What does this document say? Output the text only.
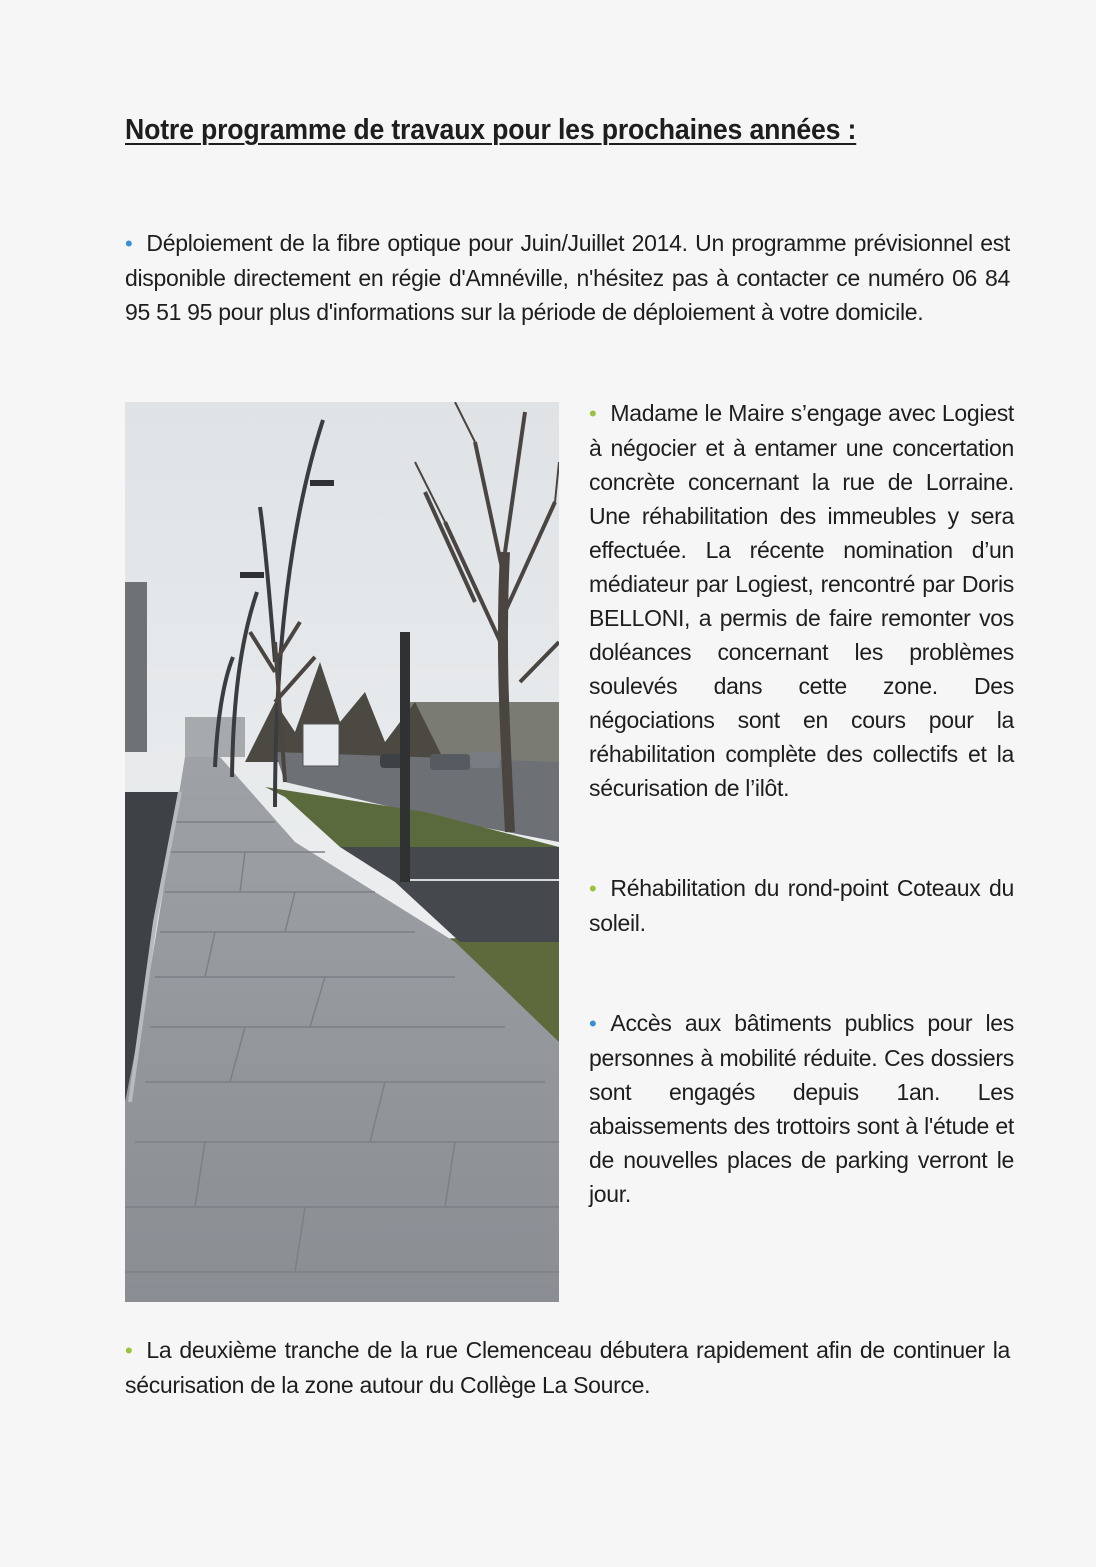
Notre programme de travaux pour les prochaines années :
• Déploiement de la fibre optique pour Juin/Juillet 2014. Un programme prévisionnel est disponible directement en régie d'Amnéville, n'hésitez pas à contacter ce numéro 06 84 95 51 95 pour plus d'informations sur la période de déploiement à votre domicile.
• Madame le Maire s’engage avec Logiest à négocier et à entamer une concertation concrète concernant la rue de Lorraine. Une réhabilitation des immeubles y sera effectuée. La récente nomination d’un médiateur par Logiest, rencontré par Doris BELLONI, a permis de faire remonter vos doléances concernant les problèmes soulevés dans cette zone. Des négociations sont en cours pour la réhabilitation complète des collectifs et la sécurisation de l’ilôt.
• Réhabilitation du rond-point Coteaux du soleil.
• Accès aux bâtiments publics pour les personnes à mobilité réduite. Ces dossiers sont engagés depuis 1an. Les abaissements des trottoirs sont à l'étude et de nouvelles places de parking verront le jour.
• La deuxième tranche de la rue Clemenceau débutera rapidement afin de continuer la sécurisation de la zone autour du Collège La Source.
